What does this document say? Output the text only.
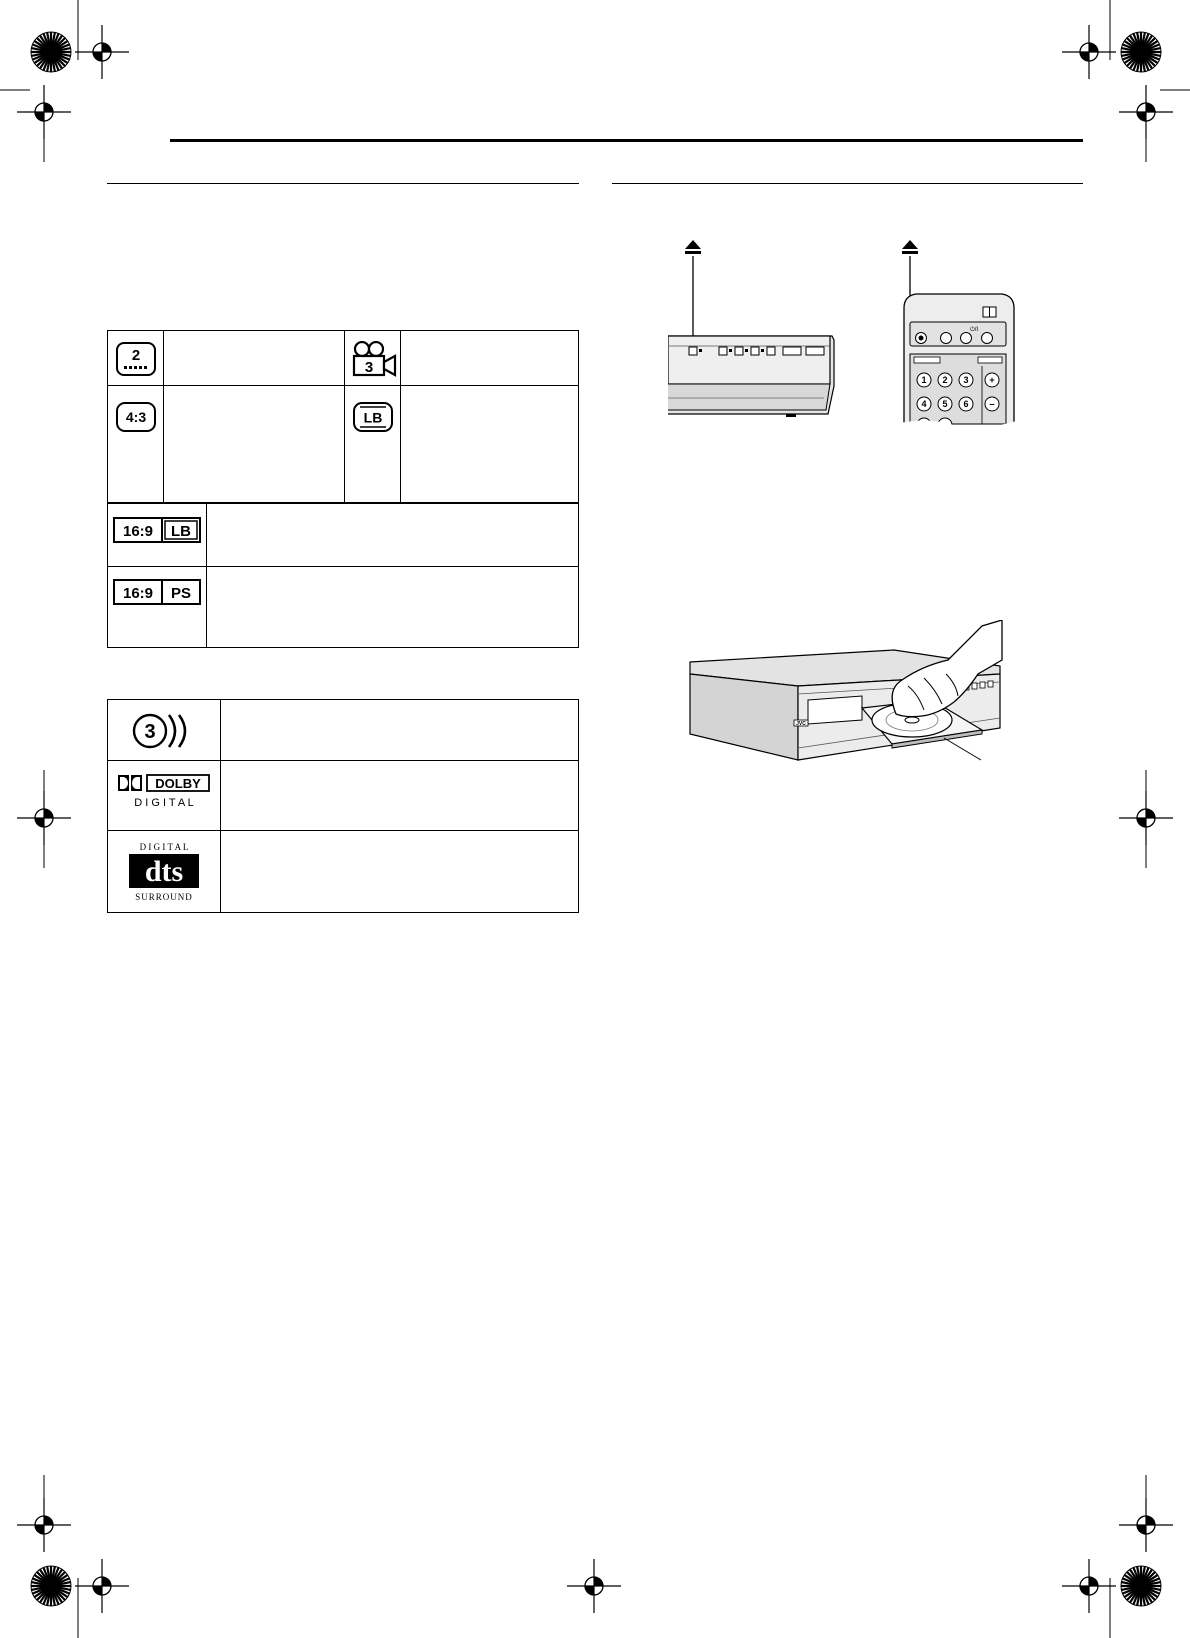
2		3	

4:3		LB	

16:9 LB	

16:9 PS	

3	

DOLBY
D I G I T A L	

D I G I T A L
dts
SURROUND	

⏻/I
1 2 3 +
4 5 6 –
JVC
